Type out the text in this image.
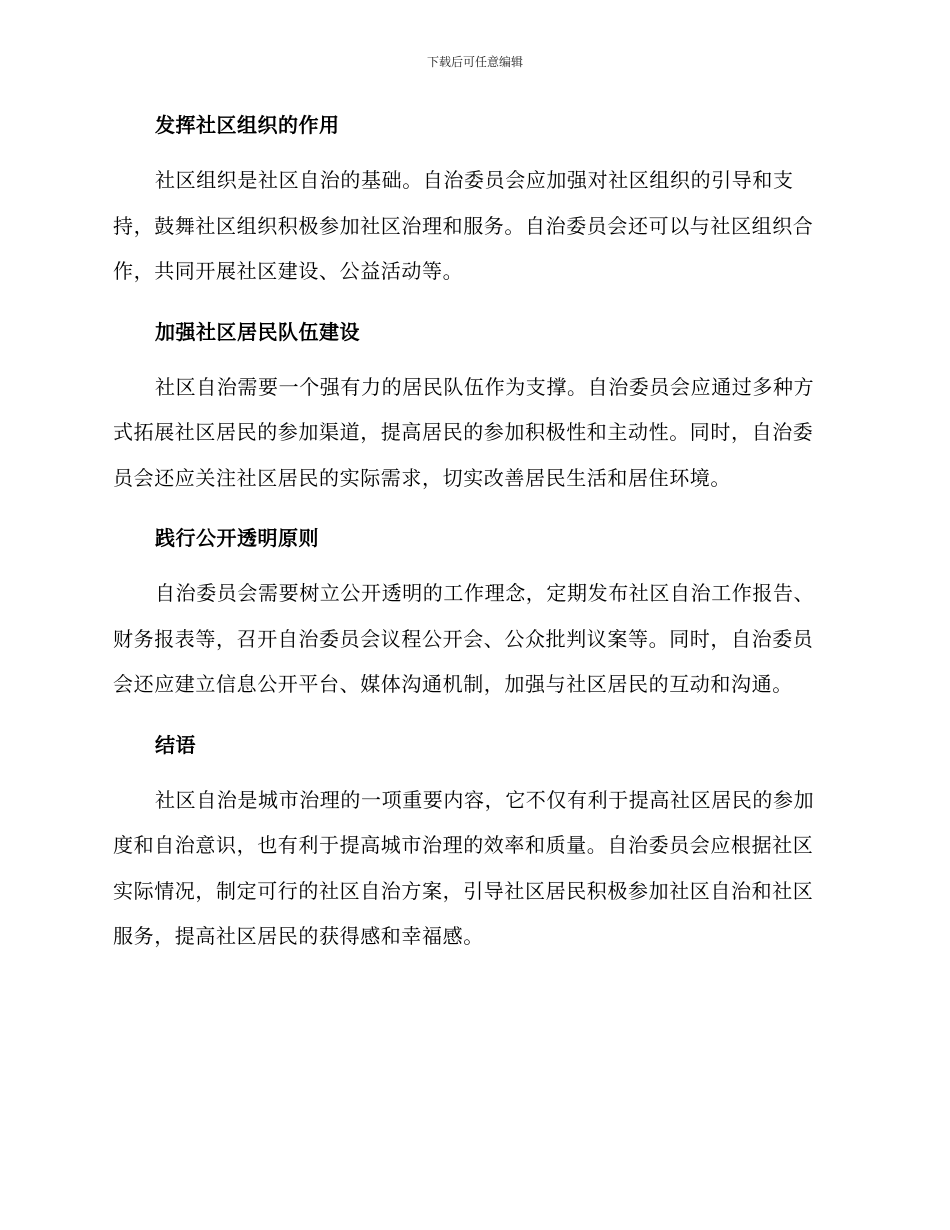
下载后可任意编辑
发挥社区组织的作用
社区组织是社区自治的基础。自治委员会应加强对社区组织的引导和支持，鼓舞社区组织积极参加社区治理和服务。自治委员会还可以与社区组织合作，共同开展社区建设、公益活动等。
加强社区居民队伍建设
社区自治需要一个强有力的居民队伍作为支撑。自治委员会应通过多种方式拓展社区居民的参加渠道，提高居民的参加积极性和主动性。同时，自治委员会还应关注社区居民的实际需求，切实改善居民生活和居住环境。
践行公开透明原则
自治委员会需要树立公开透明的工作理念，定期发布社区自治工作报告、财务报表等，召开自治委员会议程公开会、公众批判议案等。同时，自治委员会还应建立信息公开平台、媒体沟通机制，加强与社区居民的互动和沟通。
结语
社区自治是城市治理的一项重要内容，它不仅有利于提高社区居民的参加度和自治意识，也有利于提高城市治理的效率和质量。自治委员会应根据社区实际情况，制定可行的社区自治方案，引导社区居民积极参加社区自治和社区服务，提高社区居民的获得感和幸福感。
